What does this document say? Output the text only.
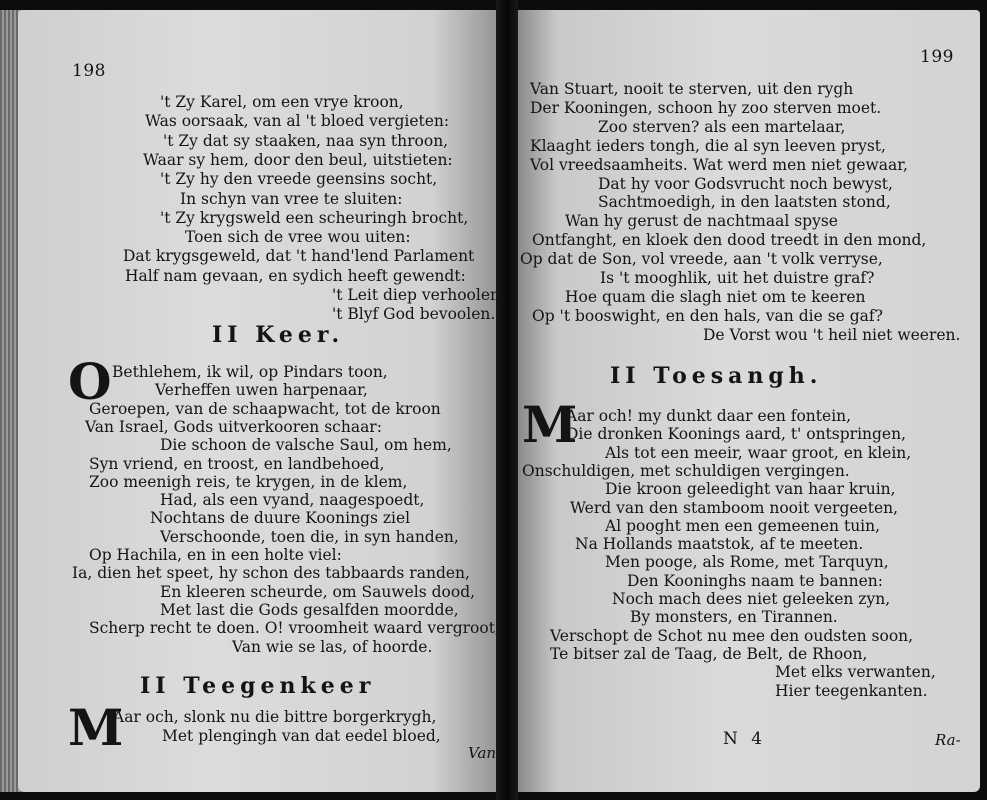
198
't Zy Karel, om een vrye kroon,
Was oorsaak, van al 't bloed vergieten:
't Zy dat sy staaken, naa syn throon,
Waar sy hem, door den beul, uitstieten:
't Zy hy den vreede geensins socht,
In schyn van vree te sluiten:
't Zy krygsweld een scheuringh brocht,
Toen sich de vree wou uiten:
Dat krygsgeweld, dat 't hand'lend Parlament
Half nam gevaan, en sydich heeft gewendt:
't Leit diep verhoolen,
't Blyf God bevoolen.
II Keer.
O Bethlehem, ik wil, op Pindars toon,
Verheffen uwen harpenaar,
Geroepen, van de schaapwacht, tot de kroon
Van Israel, Gods uitverkooren schaar:
Die schoon de valsche Saul, om hem,
Syn vriend, en troost, en landbehoed,
Zoo meenigh reis, te krygen, in de klem,
Had, als een vyand, naagespoedt,
Nochtans de duure Koonings ziel
Verschoonde, toen die, in syn handen,
Op Hachila, en in een holte viel:
Ia, dien het speet, hy schon des tabbaards randen,
En kleeren scheurde, om Sauwels dood,
Met last die Gods gesalfden moordde,
Scherp recht te doen. O! vroomheit waard vergroot,
Van wie se las, of hoorde.
II Teegenkeer
M
Aar och, slonk nu die bittre borgerkrygh,
Met plengingh van dat eedel bloed,
Van
199
Van Stuart, nooit te sterven, uit den rygh
Der Kooningen, schoon hy zoo sterven moet.
Zoo sterven? als een martelaar,
Klaaght ieders tongh, die al syn leeven pryst,
Vol vreedsaamheits. Wat werd men niet gewaar,
Dat hy voor Godsvrucht noch bewyst,
Sachtmoedigh, in den laatsten stond,
Wan hy gerust de nachtmaal spyse
Ontfanght, en kloek den dood treedt in den mond,
Op dat de Son, vol vreede, aan 't volk verryse,
Is 't mooghlik, uit het duistre graf?
Hoe quam die slagh niet om te keeren
Op 't booswight, en den hals, van die se gaf?
De Vorst wou 't heil niet weeren.
II Toesangh.
M
Aar och! my dunkt daar een fontein,
Die dronken Koonings aard, t' ontspringen,
Als tot een meeir, waar groot, en klein,
Onschuldigen, met schuldigen vergingen.
Die kroon geleedight van haar kruin,
Werd van den stamboom nooit vergeeten,
Al pooght men een gemeenen tuin,
Na Hollands maatstok, af te meeten.
Men pooge, als Rome, met Tarquyn,
Den Kooninghs naam te bannen:
Noch mach dees niet geleeken zyn,
By monsters, en Tirannen.
Verschopt de Schot nu mee den oudsten soon,
Te bitser zal de Taag, de Belt, de Rhoon,
Met elks verwanten,
Hier teegenkanten.
N 4	Ra-
